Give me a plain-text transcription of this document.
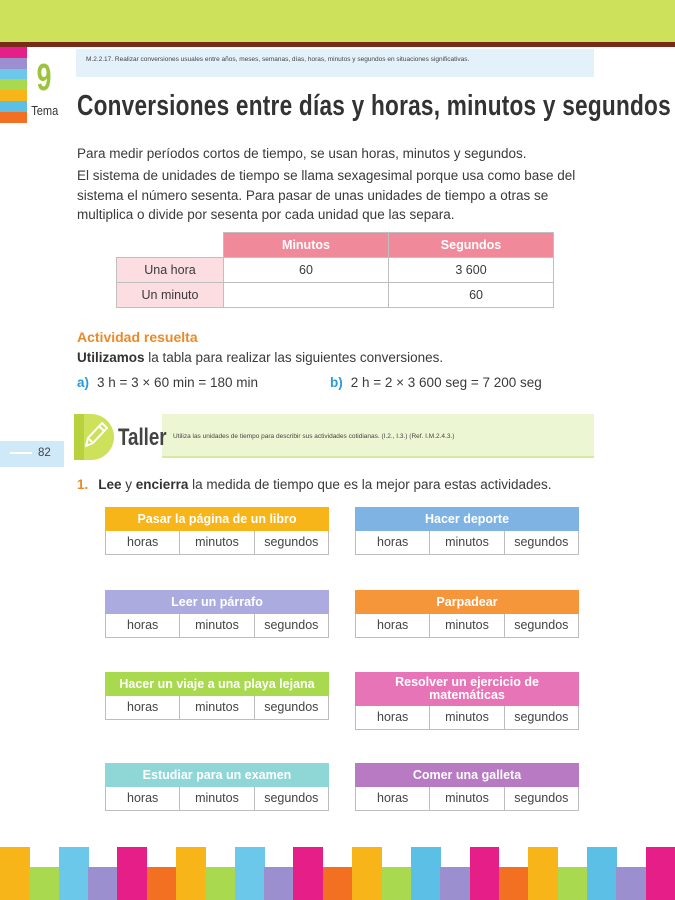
9
Tema
M.2.2.17. Realizar conversiones usuales entre años, meses, semanas, días, horas, minutos y segundos en situaciones significativas.
Conversiones entre días y horas, minutos y segundos
Para medir períodos cortos de tiempo, se usan horas, minutos y segundos.
El sistema de unidades de tiempo se llama sexagesimal porque usa como base del sistema el número sesenta. Para pasar de unas unidades de tiempo a otras se multiplica o divide por sesenta por cada unidad que las separa.
	Minutos	Segundos
Una hora	60	3 600
Un minuto		60
Actividad resuelta
Utilizamos la tabla para realizar las siguientes conversiones.
a) 3 h = 3 × 60 min = 180 min	b) 2 h = 2 × 3 600 seg = 7 200 seg
82
Taller Utiliza las unidades de tiempo para describir sus actividades cotidianas. (I.2., I.3.) (Ref. I.M.2.4.3.)
1. Lee y encierra la medida de tiempo que es la mejor para estas actividades.
Pasar la página de un libro
horas	minutos	segundos
Hacer deporte
horas	minutos	segundos
Leer un párrafo
horas	minutos	segundos
Parpadear
horas	minutos	segundos
Hacer un viaje a una playa lejana
horas	minutos	segundos
Resolver un ejercicio de matemáticas
horas	minutos	segundos
Estudiar para un examen
horas	minutos	segundos
Comer una galleta
horas	minutos	segundos
